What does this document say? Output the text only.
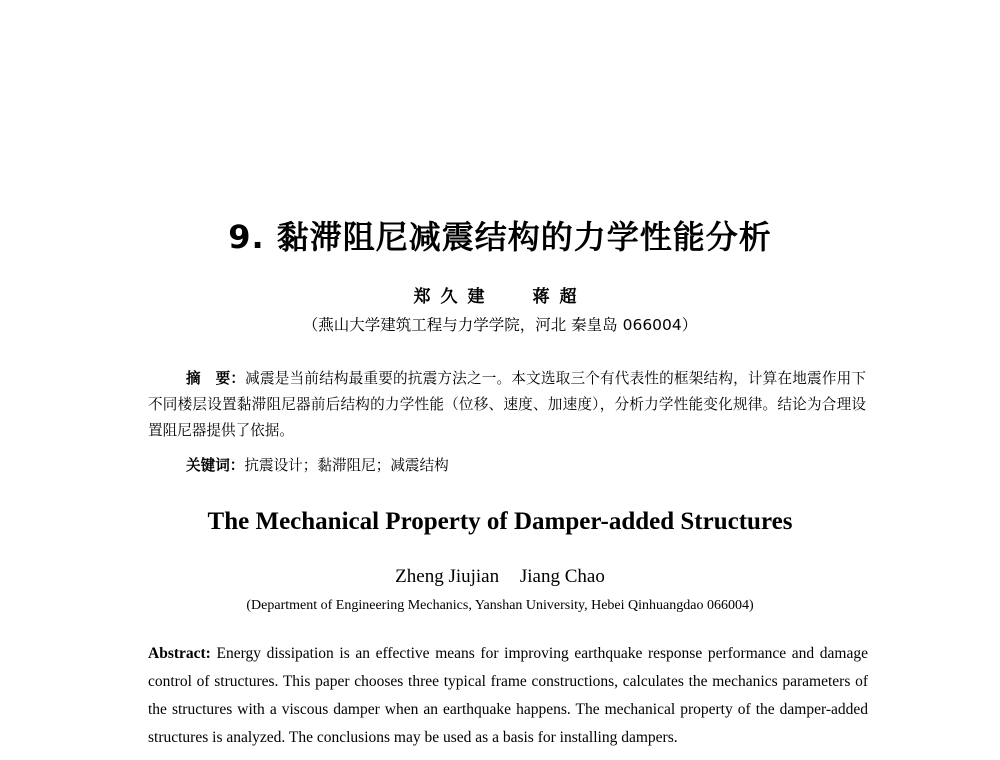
9. 黏滞阻尼减震结构的力学性能分析
郑久建 蒋超
（燕山大学建筑工程与力学学院，河北 秦皇岛 066004）
摘　要：减震是当前结构最重要的抗震方法之一。本文选取三个有代表性的框架结构，计算在地震作用下不同楼层设置黏滞阻尼器前后结构的力学性能（位移、速度、加速度），分析力学性能变化规律。结论为合理设置阻尼器提供了依据。
关键词：抗震设计；黏滞阻尼；减震结构
The Mechanical Property of Damper-added Structures
Zheng Jiujian Jiang Chao
(Department of Engineering Mechanics, Yanshan University, Hebei Qinhuangdao 066004)
Abstract: Energy dissipation is an effective means for improving earthquake response performance and damage control of structures. This paper chooses three typical frame constructions, calculates the mechanics parameters of the structures with a viscous damper when an earthquake happens. The mechanical property of the damper-added structures is analyzed. The conclusions may be used as a basis for installing dampers.
